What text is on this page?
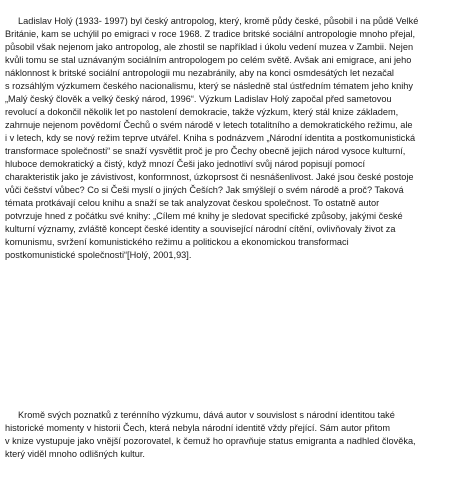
Ladislav Holý (1933- 1997) byl český antropolog, který, kromě půdy české, působil i na půdě Velké
Británie, kam se uchýlil po emigraci v roce 1968. Z tradice britské sociální antropologie mnoho přejal,
působil však nejenom jako antropolog, ale zhostil se například i úkolu vedení muzea v Zambii. Nejen
kvůli tomu se stal uznávaným sociálním antropologem po celém světě. Avšak ani emigrace, ani jeho
náklonnost k britské sociální antropologii mu nezabránily, aby na konci osmdesátých let nezačal
s rozsáhlým výzkumem českého nacionalismu, který se následně stal ústředním tématem jeho knihy
„Malý český člověk a velký český národ, 1996“. Výzkum Ladislav Holý započal před sametovou
revolucí a dokončil několik let po nastolení demokracie, takže výzkum, který stál knize základem,
zahrnuje nejenom povědomí Čechů o svém národě v letech totalitního a demokratického režimu, ale
i v letech, kdy se nový režim teprve utvářel. Kniha s podnázvem „Národní identita a postkomunistická
transformace společnosti“ se snaží vysvětlit proč je pro Čechy obecně jejich národ vysoce kulturní,
hluboce demokratický a čistý, když mnozí Češi jako jednotliví svůj národ popisují pomocí
charakteristik jako je závistivost, konformnost, úzkoprsost či nesnášenlivost. Jaké jsou české postoje
vůči češství vůbec? Co si Češi myslí o jiných Češích? Jak smýšlejí o svém národě a proč? Taková
témata protkávají celou knihu a snaží se tak analyzovat českou společnost. To ostatně autor
potvrzuje hned z počátku své knihy: „Cílem mé knihy je sledovat specifické způsoby, jakými české
kulturní významy, zvláště koncept české identity a související národní cítění, ovlivňovaly život za
komunismu, svržení komunistického režimu a politickou a ekonomickou transformaci
postkomunistické společnosti“[Holý, 2001,93].
Kromě svých poznatků z terénního výzkumu, dává autor v souvislost s národní identitou také
historické momenty v historii Čech, která nebyla národní identitě vždy přející. Sám autor přitom
v knize vystupuje jako vnější pozorovatel, k čemuž ho opravňuje status emigranta a nadhled člověka,
který viděl mnoho odlišných kultur.
